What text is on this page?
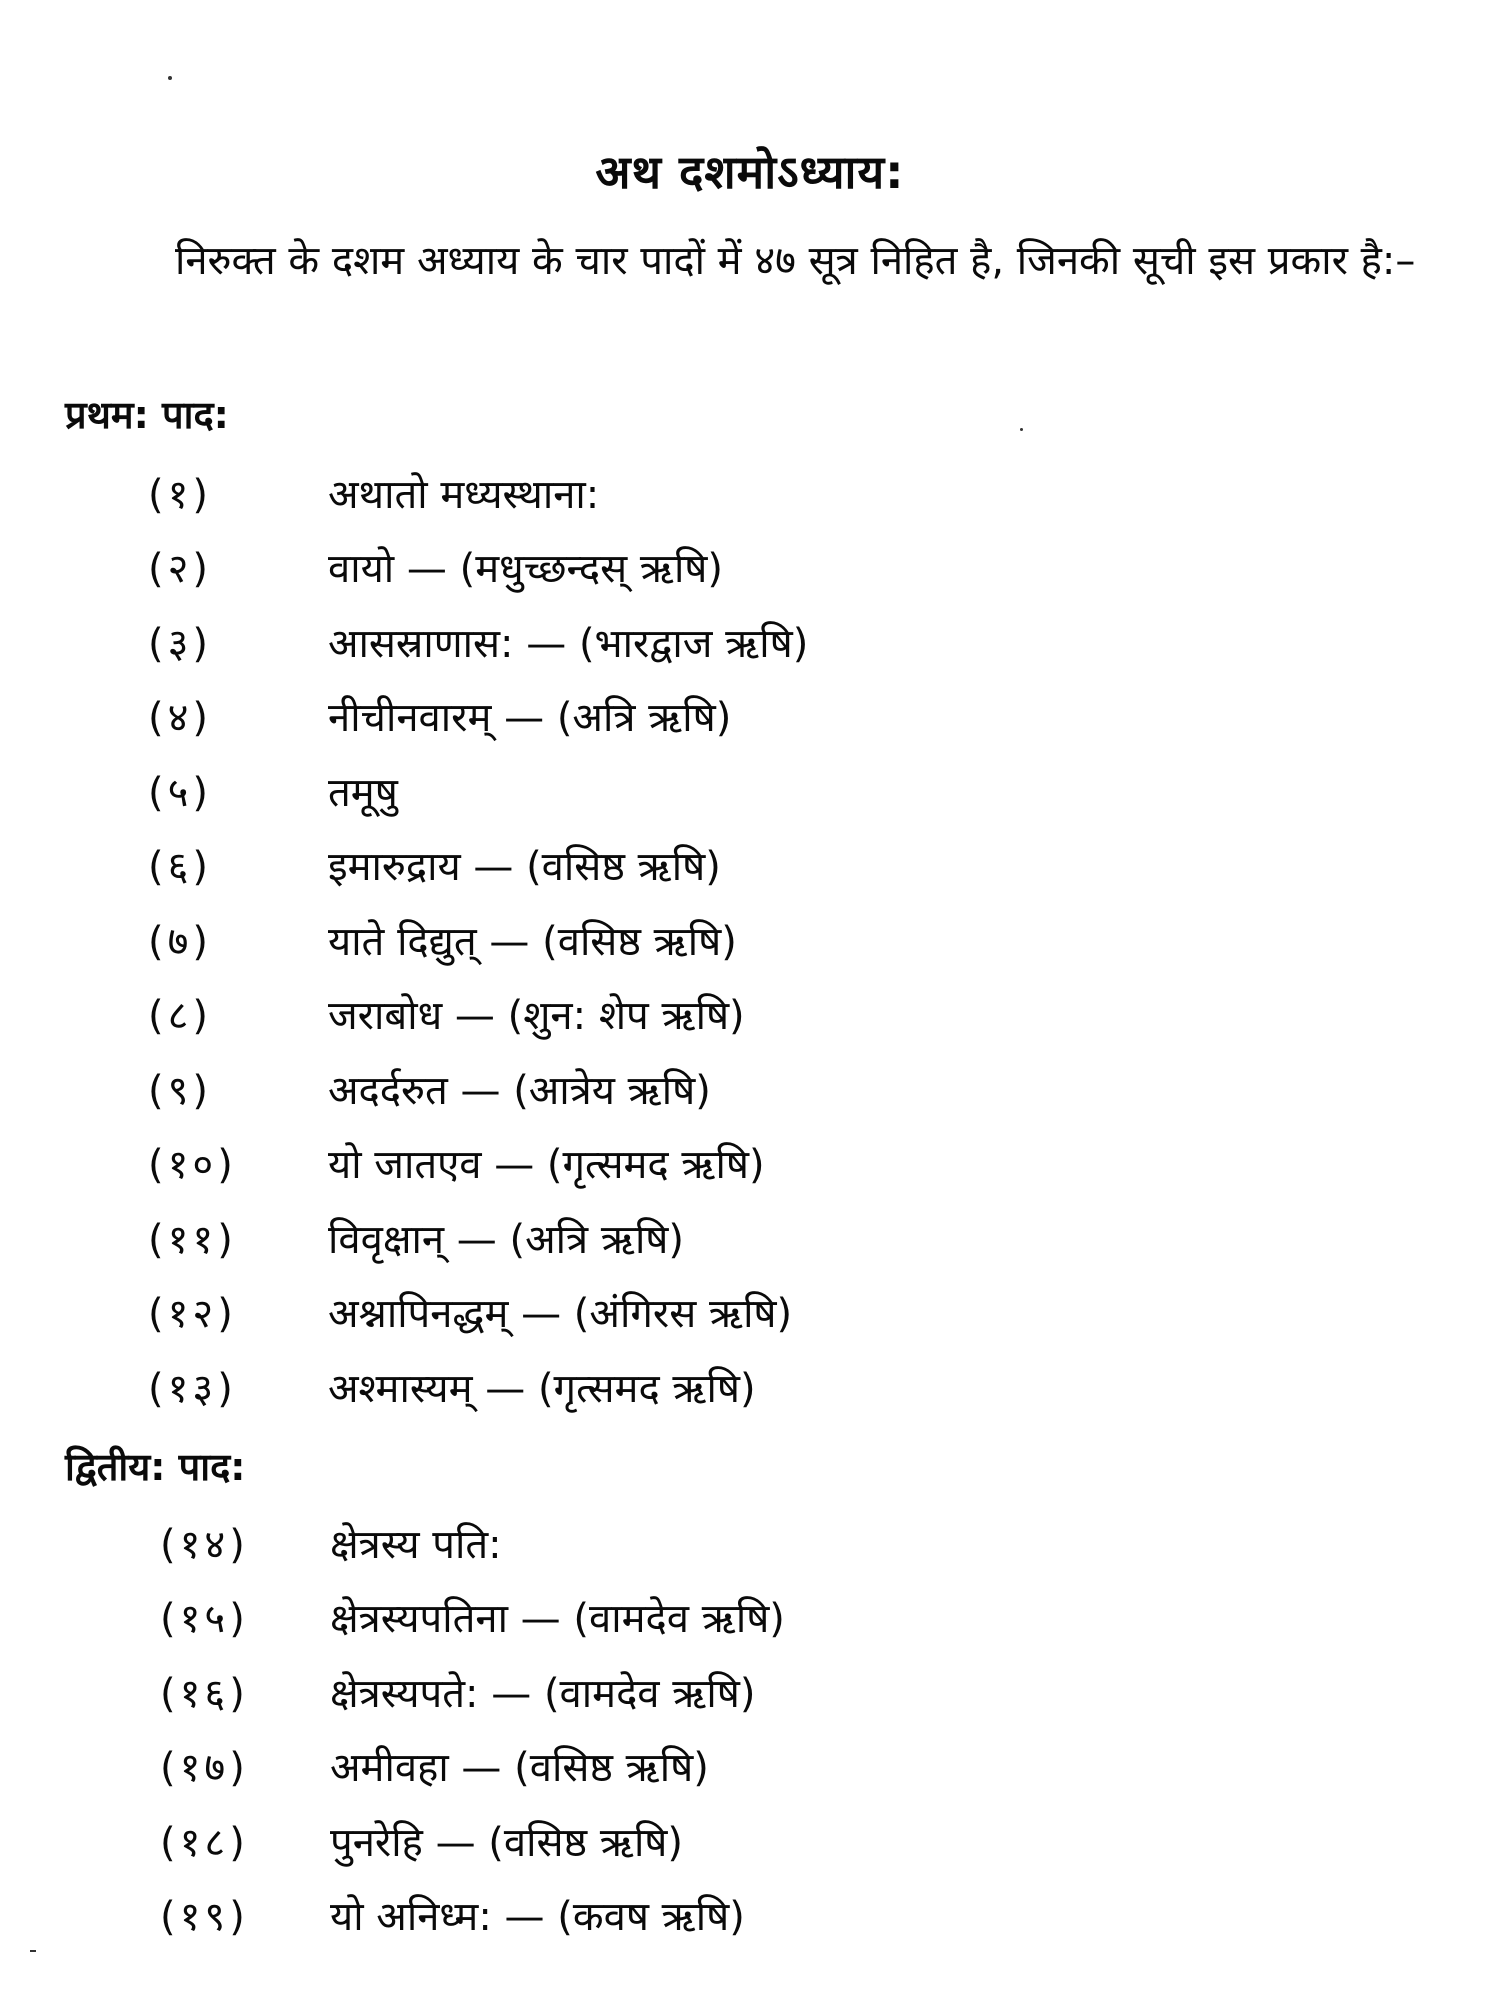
अथ दशमोऽध्याय:
निरुक्त के दशम अध्याय के चार पादों में ४७ सूत्र निहित है, जिनकी सूची इस प्रकार है:–
प्रथम: पाद:
(१)	अथातो मध्यस्थाना:
(२)	वायो — (मधुच्छन्दस् ऋषि)
(३)	आसस्राणास: — (भारद्वाज ऋषि)
(४)	नीचीनवारम् — (अत्रि ऋषि)
(५)	तमूषु
(६)	इमारुद्राय — (वसिष्ठ ऋषि)
(७)	याते दिद्युत् — (वसिष्ठ ऋषि)
(८)	जराबोध — (शुन: शेप ऋषि)
(९)	अदर्दरुत — (आत्रेय ऋषि)
(१०)	यो जातएव — (गृत्समद ऋषि)
(११)	विवृक्षान् — (अत्रि ऋषि)
(१२)	अश्नापिनद्धम् — (अंगिरस ऋषि)
(१३)	अश्मास्यम् — (गृत्समद ऋषि)
द्वितीय: पाद:
(१४)	क्षेत्रस्य पति:
(१५)	क्षेत्रस्यपतिना — (वामदेव ऋषि)
(१६)	क्षेत्रस्यपते: — (वामदेव ऋषि)
(१७)	अमीवहा — (वसिष्ठ ऋषि)
(१८)	पुनरेहि — (वसिष्ठ ऋषि)
(१९)	यो अनिध्म: — (कवष ऋषि)
